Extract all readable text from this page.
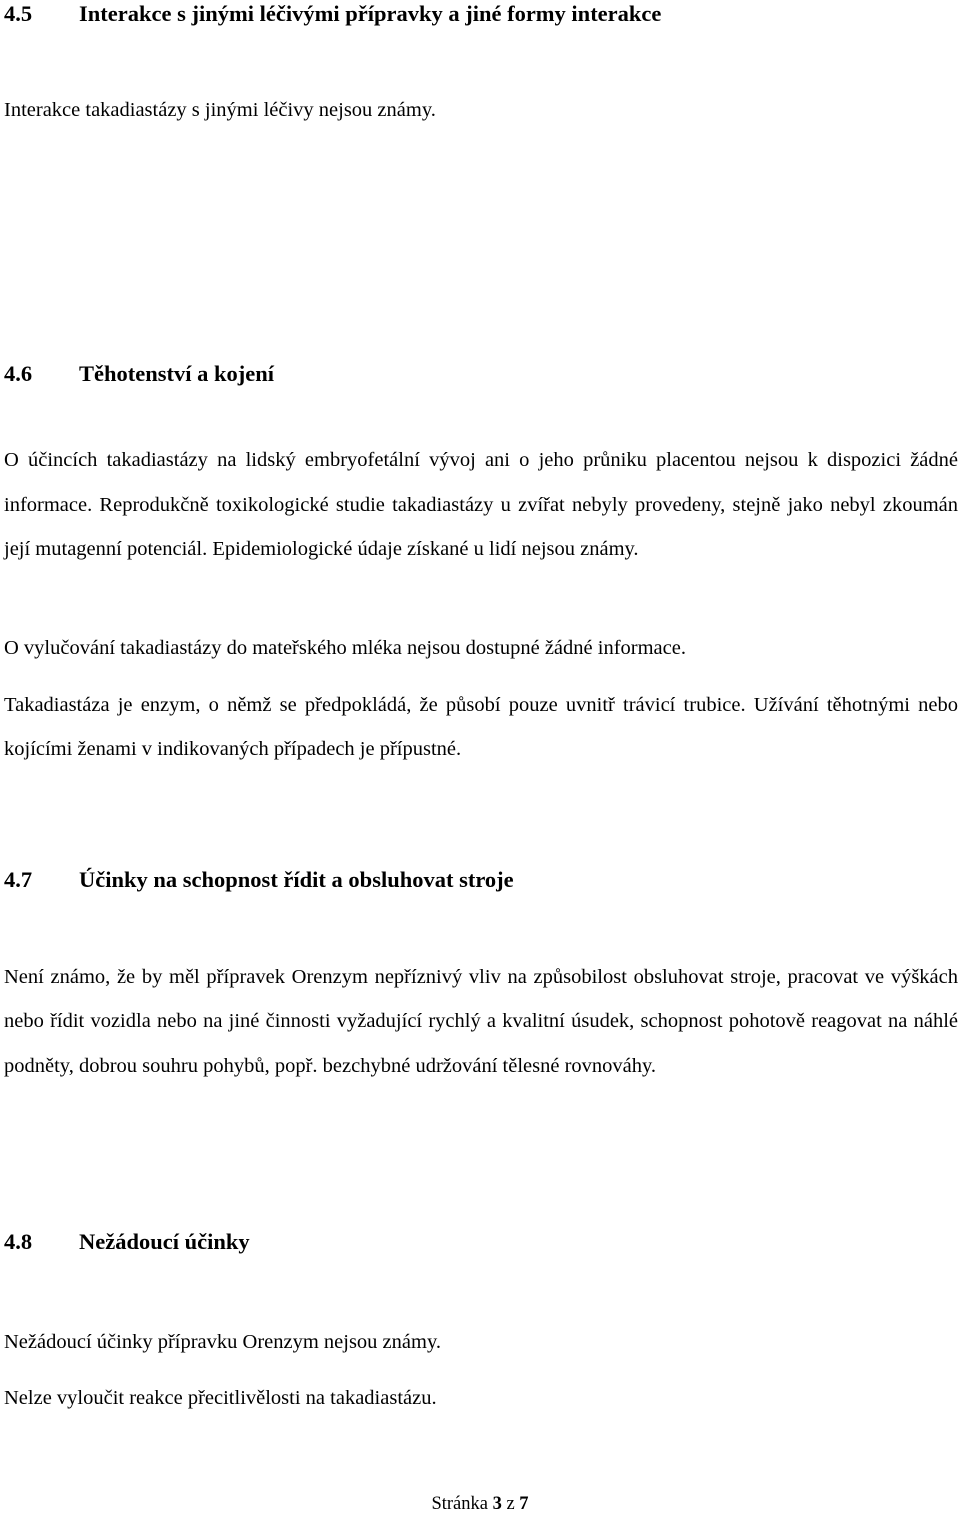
4.5 Interakce s jinými léčivými přípravky a jiné formy interakce

Interakce takadiastázy s jinými léčivy nejsou známy.

4.6 Těhotenství a kojení

O účincích takadiastázy na lidský embryofetální vývoj ani o jeho průniku placentou nejsou k dispozici žádné informace. Reprodukčně toxikologické studie takadiastázy u zvířat nebyly provedeny, stejně jako nebyl zkoumán její mutagenní potenciál. Epidemiologické údaje získané u lidí nejsou známy.

O vylučování takadiastázy do mateřského mléka nejsou dostupné žádné informace.

Takadiastáza je enzym, o němž se předpokládá, že působí pouze uvnitř trávicí trubice. Užívání těhotnými nebo kojícími ženami v indikovaných případech je přípustné.

4.7 Účinky na schopnost řídit a obsluhovat stroje

Není známo, že by měl přípravek Orenzym nepříznivý vliv na způsobilost obsluhovat stroje, pracovat ve výškách nebo řídit vozidla nebo na jiné činnosti vyžadující rychlý a kvalitní úsudek, schopnost pohotově reagovat na náhlé podněty, dobrou souhru pohybů, popř. bezchybné udržování tělesné rovnováhy.

4.8 Nežádoucí účinky

Nežádoucí účinky přípravku Orenzym nejsou známy.

Nelze vyloučit reakce přecitlivělosti na takadiastázu.

Stránka 3 z 7
